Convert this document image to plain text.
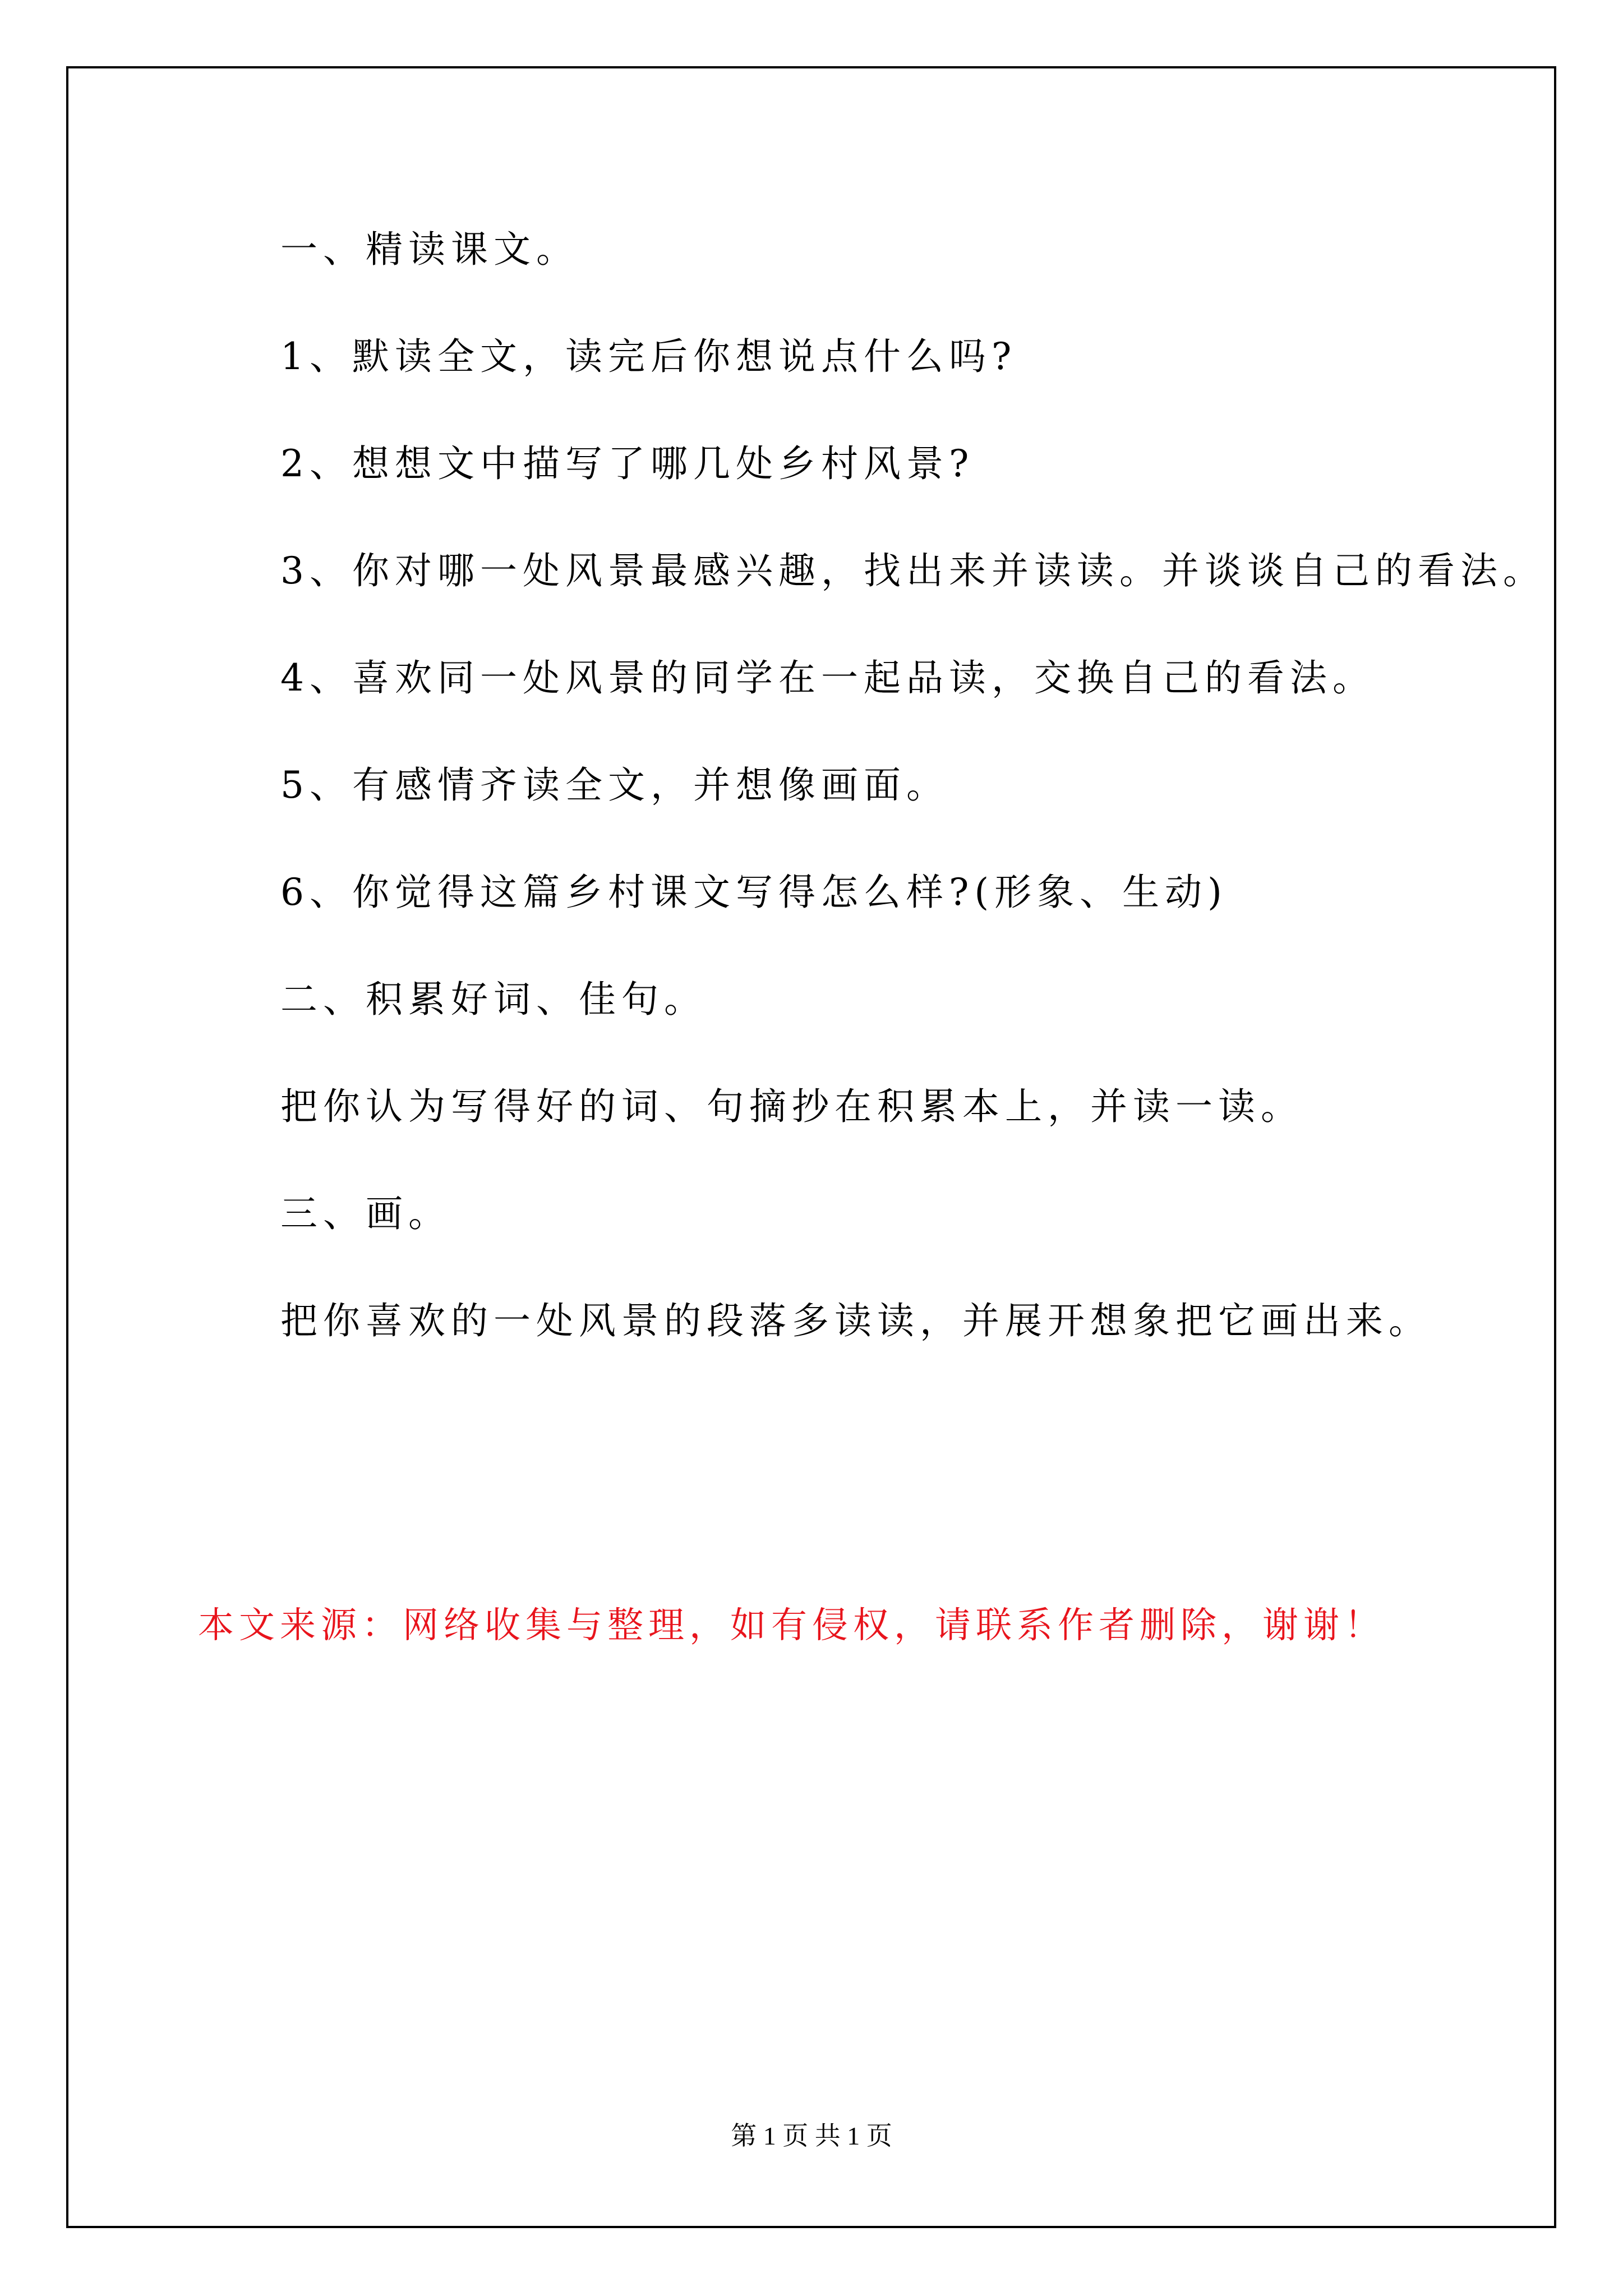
一、精读课文。
1、默读全文，读完后你想说点什么吗?
2、想想文中描写了哪几处乡村风景?
3、你对哪一处风景最感兴趣，找出来并读读。并谈谈自己的看法。
4、喜欢同一处风景的同学在一起品读，交换自己的看法。
5、有感情齐读全文，并想像画面。
6、你觉得这篇乡村课文写得怎么样?(形象、生动)
二、积累好词、佳句。
把你认为写得好的词、句摘抄在积累本上，并读一读。
三、画。
把你喜欢的一处风景的段落多读读，并展开想象把它画出来。
本文来源：网络收集与整理，如有侵权，请联系作者删除，谢谢！
第 1 页 共 1 页
